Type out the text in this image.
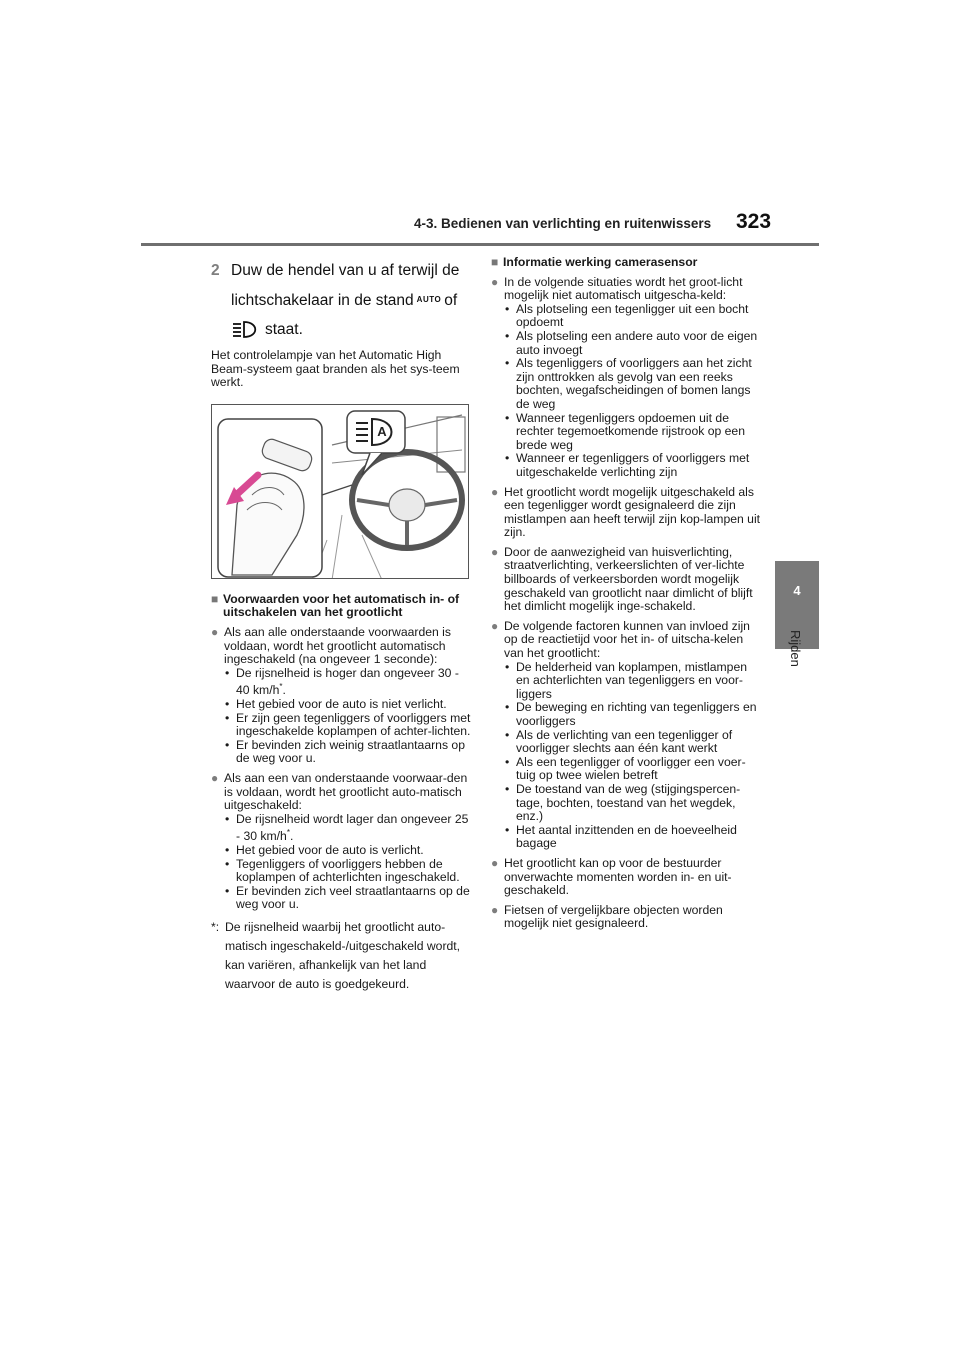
4-3. Bedienen van verlichting en ruitenwissers 323
4
Rijden
2 Duw de hendel van u af terwijl de lichtschakelaar in de stand AUTO of
staat.
Het controlelampje van het Automatic High Beam-systeem gaat branden als het sys-teem werkt.
A
■ Voorwaarden voor het automatisch in- of uitschakelen van het grootlicht
● Als aan alle onderstaande voorwaarden is voldaan, wordt het grootlicht automatisch ingeschakeld (na ongeveer 1 seconde):
• De rijsnelheid is hoger dan ongeveer 30 - 40 km/h*.
• Het gebied voor de auto is niet verlicht.
• Er zijn geen tegenliggers of voorliggers met ingeschakelde koplampen of achter-lichten.
• Er bevinden zich weinig straatlantaarns op de weg voor u.
● Als aan een van onderstaande voorwaar-den is voldaan, wordt het grootlicht auto-matisch uitgeschakeld:
• De rijsnelheid wordt lager dan ongeveer 25 - 30 km/h*.
• Het gebied voor de auto is verlicht.
• Tegenliggers of voorliggers hebben de koplampen of achterlichten ingeschakeld.
• Er bevinden zich veel straatlantaarns op de weg voor u.
*: De rijsnelheid waarbij het grootlicht auto-matisch ingeschakeld-/uitgeschakeld wordt, kan variëren, afhankelijk van het land waarvoor de auto is goedgekeurd.
■ Informatie werking camerasensor
● In de volgende situaties wordt het groot-licht mogelijk niet automatisch uitgescha-keld:
• Als plotseling een tegenligger uit een bocht opdoemt
• Als plotseling een andere auto voor de eigen auto invoegt
• Als tegenliggers of voorliggers aan het zicht zijn onttrokken als gevolg van een reeks bochten, wegafscheidingen of bomen langs de weg
• Wanneer tegenliggers opdoemen uit de rechter tegemoetkomende rijstrook op een brede weg
• Wanneer er tegenliggers of voorliggers met uitgeschakelde verlichting zijn
● Het grootlicht wordt mogelijk uitgeschakeld als een tegenligger wordt gesignaleerd die zijn mistlampen aan heeft terwijl zijn kop-lampen uit zijn.
● Door de aanwezigheid van huisverlichting, straatverlichting, verkeerslichten of ver-lichte billboards of verkeersborden wordt mogelijk geschakeld van grootlicht naar dimlicht of blijft het dimlicht mogelijk inge-schakeld.
● De volgende factoren kunnen van invloed zijn op de reactietijd voor het in- of uitscha-kelen van het grootlicht:
• De helderheid van koplampen, mistlampen en achterlichten van tegenliggers en voor-liggers
• De beweging en richting van tegenliggers en voorliggers
• Als de verlichting van een tegenligger of voorligger slechts aan één kant werkt
• Als een tegenligger of voorligger een voer-tuig op twee wielen betreft
• De toestand van de weg (stijgingspercen-tage, bochten, toestand van het wegdek, enz.)
• Het aantal inzittenden en de hoeveelheid bagage
● Het grootlicht kan op voor de bestuurder onverwachte momenten worden in- en uit-geschakeld.
● Fietsen of vergelijkbare objecten worden mogelijk niet gesignaleerd.
